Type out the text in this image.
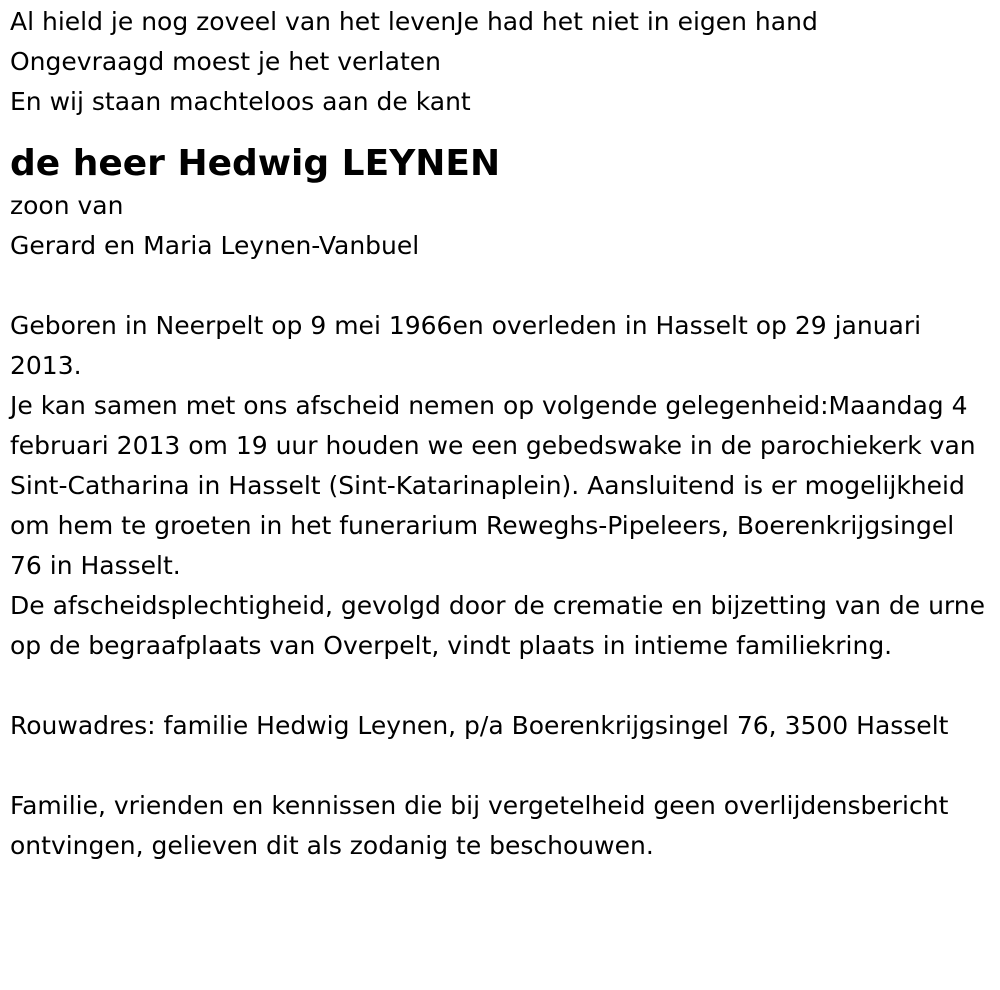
Al hield je nog zoveel van het levenJe had het niet in eigen hand

Ongevraagd moest je het verlaten

En wij staan machteloos aan de kant

de heer Hedwig LEYNEN

zoon van

Gerard en Maria Leynen-Vanbuel

Geboren in Neerpelt op 9 mei 1966en overleden in Hasselt op 29 januari 2013.

Je kan samen met ons afscheid nemen op volgende gelegenheid:Maandag 4 februari 2013 om 19 uur houden we een gebedswake in de parochiekerk van Sint-Catharina in Hasselt (Sint-Katarinaplein). Aansluitend is er mogelijkheid om hem te groeten in het funerarium Reweghs-Pipeleers, Boerenkrijgsingel 76 in Hasselt.

De afscheidsplechtigheid, gevolgd door de crematie en bijzetting van de urne op de begraafplaats van Overpelt, vindt plaats in intieme familiekring.

Rouwadres: familie Hedwig Leynen, p/a Boerenkrijgsingel 76, 3500 Hasselt

Familie, vrienden en kennissen die bij vergetelheid geen overlijdensbericht ontvingen, gelieven dit als zodanig te beschouwen.
